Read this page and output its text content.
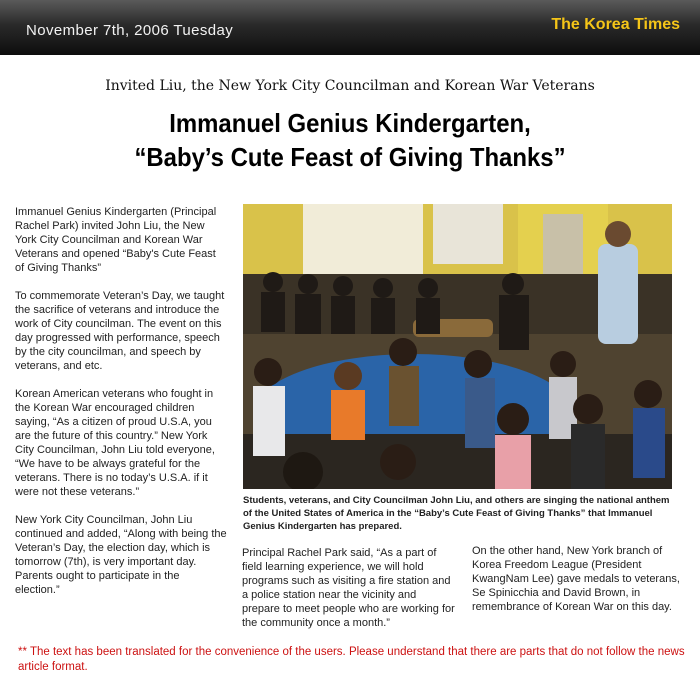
November 7th, 2006 Tuesday	The Korea Times
Invited Liu, the New York City Councilman and Korean War Veterans
Immanuel Genius Kindergarten,
“Baby’s Cute Feast of Giving Thanks”

Immanuel Genius Kindergarten (Principal Rachel Park) invited John Liu, the New York City Councilman and Korean War Veterans and opened “Baby's Cute Feast of Giving Thanks”

To commemorate Veteran’s Day, we taught the sacrifice of veterans and introduce the work of City councilman. The event on this day progressed with performance, speech by the city councilman, and speech by veterans, and etc.

Korean American veterans who fought in the Korean War encouraged children saying, “As a citizen of proud U.S.A, you are the future of this country.” New York City Councilman, John Liu told everyone, “We have to be always grateful for the veterans. There is no today’s U.S.A. if it were not these veterans.”

New York City Councilman, John Liu continued and added, “Along with being the Veteran’s Day, the election day, which is tomorrow (7th), is very important day. Parents ought to participate in the election.”

Students, veterans, and City Councilman John Liu, and others are singing the national anthem of the United States of America in the “Baby’s Cute Feast of Giving Thanks” that Immanuel Genius Kindergarten has prepared.

Principal Rachel Park said, “As a part of field learning experience, we will hold programs such as visiting a fire station and a police station near the vicinity and prepare to meet people who are working for the community once a month.”

On the other hand, New York branch of Korea Freedom League (President KwangNam Lee) gave medals to veterans, Se Spinicchia and David Brown, in remembrance of Korean War on this day.

** The text has been translated for the convenience of the users. Please understand that there are parts that do not follow the news article format.
